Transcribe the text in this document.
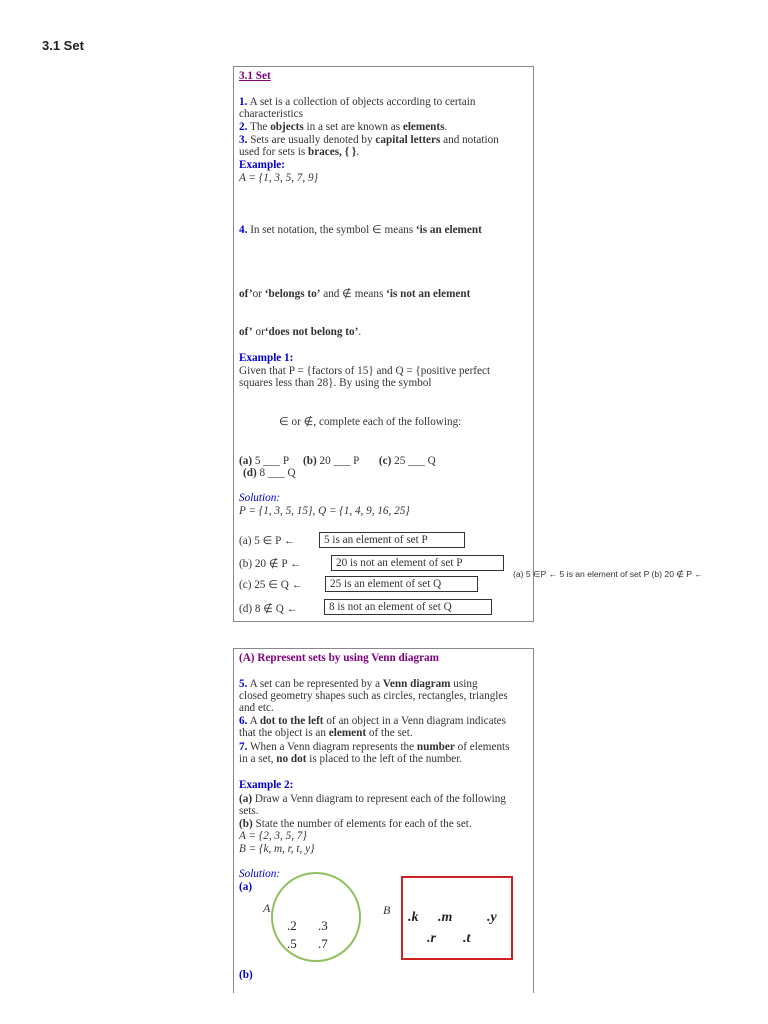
3.1 Set
3.1 Set
1. A set is a collection of objects according to certain
characteristics
2. The objects in a set are known as elements.
3. Sets are usually denoted by capital letters and notation
used for sets is braces, { }.
Example:
A = {1, 3, 5, 7, 9}
4. In set notation, the symbol ∈ means ‘is an element
of’or ‘belongs to’ and ∉ means ‘is not an element
of’ or‘does not belong to’.
Example 1:
Given that P = {factors of 15} and Q = {positive perfect
squares less than 28}. By using the symbol
∈ or ∉, complete each of the following:
(a) 5 ___ P (b) 20 ___ P (c) 25 ___ Q
(d) 8 ___ Q
Solution:
P = {1, 3, 5, 15}, Q = {1, 4, 9, 16, 25}
(a) 5 ∈ P ←	5 is an element of set P
(b) 20 ∉ P ←	20 is not an element of set P
(c) 25 ∈ Q ←	25 is an element of set Q
(d) 8 ∉ Q ←	8 is not an element of set Q
(a) 5 ∈P ← 5 is an element of set P (b) 20 ∉ P ←
(A) Represent sets by using Venn diagram
5. A set can be represented by a Venn diagram using
closed geometry shapes such as circles, rectangles, triangles
and etc.
6. A dot to the left of an object in a Venn diagram indicates
that the object is an element of the set.
7. When a Venn diagram represents the number of elements
in a set, no dot is placed to the left of the number.
Example 2:
(a) Draw a Venn diagram to represent each of the following
sets.
(b) State the number of elements for each of the set.
A = {2, 3, 5, 7}
B = {k, m, r, t, y}
Solution:
(a)
A
.2 .3
.5 .7
B .k .m .y
.r .t
(b)
